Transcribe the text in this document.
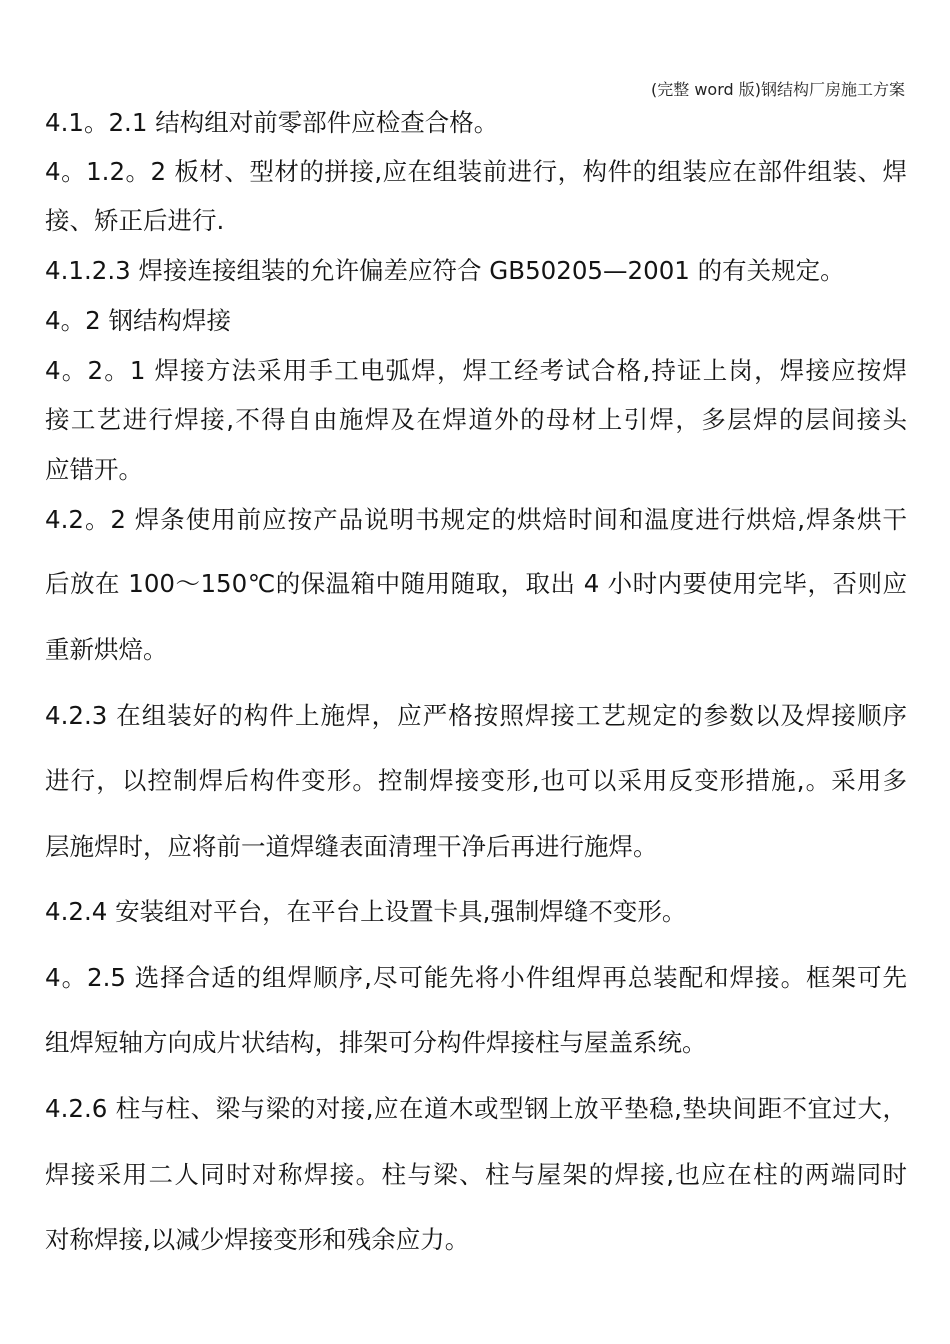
(完整 word 版)钢结构厂房施工方案
4.1。2.1 结构组对前零部件应检查合格。
4。1.2。2 板材、型材的拼接,应在组装前进行，构件的组装应在部件组装、焊
接、矫正后进行.
4.1.2.3 焊接连接组装的允许偏差应符合 GB50205—2001 的有关规定。
4。2 钢结构焊接
4。2。1 焊接方法采用手工电弧焊，焊工经考试合格,持证上岗，焊接应按焊
接工艺进行焊接,不得自由施焊及在焊道外的母材上引焊，多层焊的层间接头
应错开。
4.2。2 焊条使用前应按产品说明书规定的烘焙时间和温度进行烘焙,焊条烘干
后放在 100～150℃的保温箱中随用随取，取出 4 小时内要使用完毕，否则应
重新烘焙。
4.2.3 在组装好的构件上施焊，应严格按照焊接工艺规定的参数以及焊接顺序
进行，以控制焊后构件变形。控制焊接变形,也可以采用反变形措施,。采用多
层施焊时，应将前一道焊缝表面清理干净后再进行施焊。
4.2.4 安装组对平台，在平台上设置卡具,强制焊缝不变形。
4。2.5 选择合适的组焊顺序,尽可能先将小件组焊再总装配和焊接。框架可先
组焊短轴方向成片状结构，排架可分构件焊接柱与屋盖系统。
4.2.6 柱与柱、梁与梁的对接,应在道木或型钢上放平垫稳,垫块间距不宜过大，
焊接采用二人同时对称焊接。柱与梁、柱与屋架的焊接,也应在柱的两端同时
对称焊接,以减少焊接变形和残余应力。
